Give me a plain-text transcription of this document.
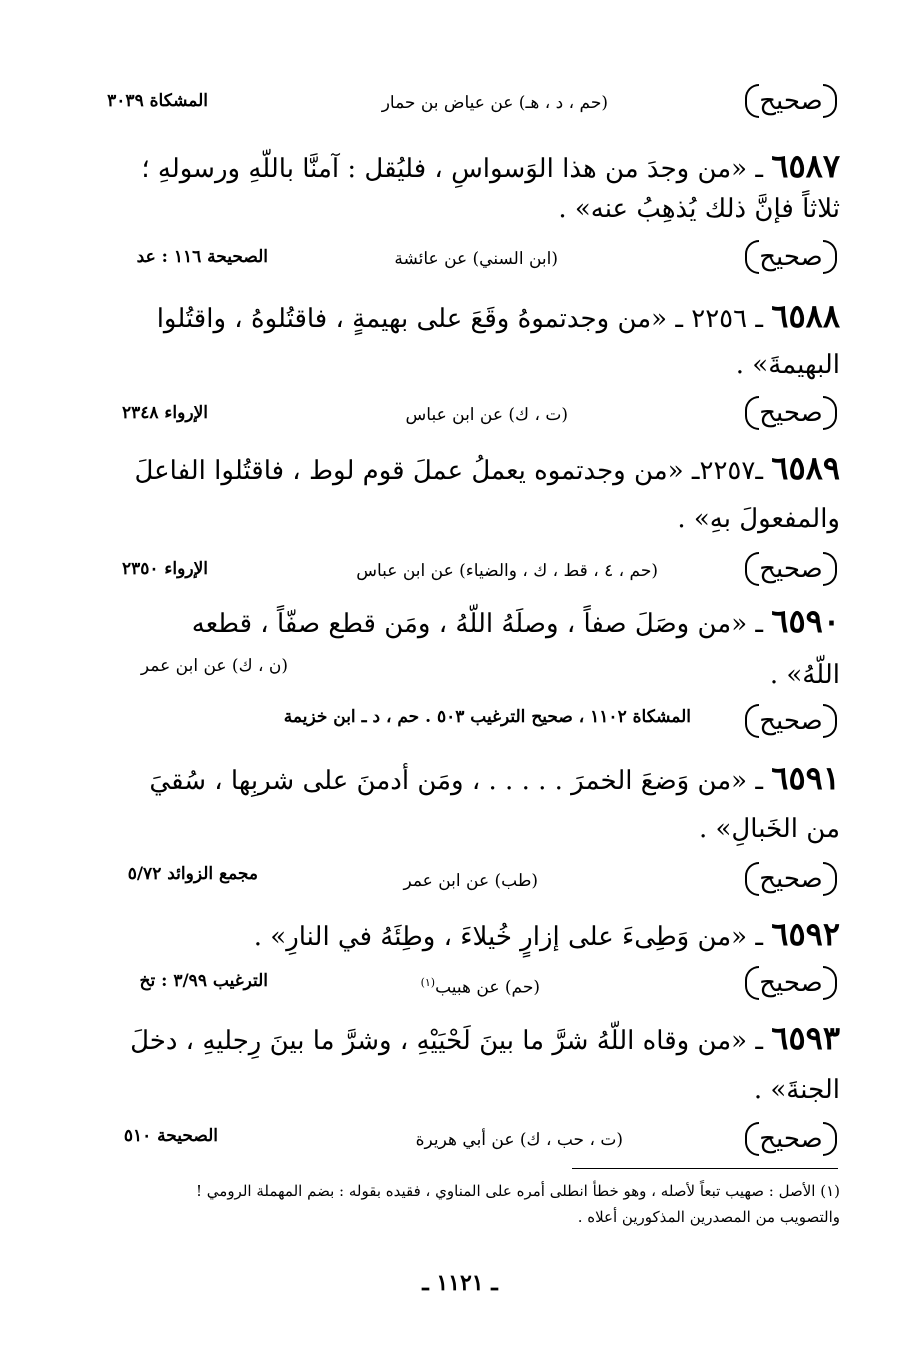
صحيح
(حم ، د ، هـ) عن عياض بن حمار
المشكاة ٣٠٣٩
٦٥٨٧ ـ «من وجدَ من هذا الوَسواسِ ، فليُقل : آمنَّا باللّهِ ورسولهِ ؛
ثلاثاً فإنَّ ذلك يُذهِبُ عنه» .
صحيح
(ابن السني) عن عائشة
الصحيحة ١١٦ : عد
٦٥٨٨ ـ ٢٢٥٦ ـ «من وجدتموهُ وقَعَ على بهيمةٍ ، فاقتُلوهُ ، واقتُلوا
البهيمةَ» .
صحيح
(ت ، ك) عن ابن عباس
الإرواء ٢٣٤٨
٦٥٨٩ ـ٢٢٥٧ـ «من وجدتموه يعملُ عملَ قوم لوط ، فاقتُلوا الفاعلَ
والمفعولَ بهِ» .
صحيح
(حم ، ٤ ، قط ، ك ، والضياء) عن ابن عباس
الإرواء ٢٣٥٠
٦٥٩٠ ـ «من وصَلَ صفاً ، وصلَهُ اللّهُ ، ومَن قطع صفّاً ، قطعه
اللّهُ» .
(ن ، ك) عن ابن عمر
صحيح
المشكاة ١١٠٢ ، صحيح الترغيب ٥٠٣ . حم ، د ـ ابن خزيمة
٦٥٩١ ـ «من وَضعَ الخمرَ . . . . . ، ومَن أدمنَ على شربِها ، سُقيَ
من الخَبالِ» .
صحيح
(طب) عن ابن عمر
مجمع الزوائد ٥/٧٢
٦٥٩٢ ـ «من وَطِىءَ على إزارٍ خُيلاءَ ، وطِئَهُ في النارِ» .
صحيح
(حم) عن هبيب$^{(١)}$
الترغيب ٣/٩٩ : تخ
٦٥٩٣ ـ «من وقاه اللّهُ شرَّ ما بينَ لَحْيَيْهِ ، وشرَّ ما بينَ رِجليهِ ، دخلَ
الجنةَ» .
صحيح
(ت ، حب ، ك) عن أبي هريرة
الصحيحة ٥١٠
(١) الأصل : صهيب تبعاً لأصله ، وهو خطأ انطلى أمره على المناوي ، فقيده بقوله : بضم المهملة الرومي !
والتصويب من المصدرين المذكورين أعلاه .
ـ ١١٢١ ـ
